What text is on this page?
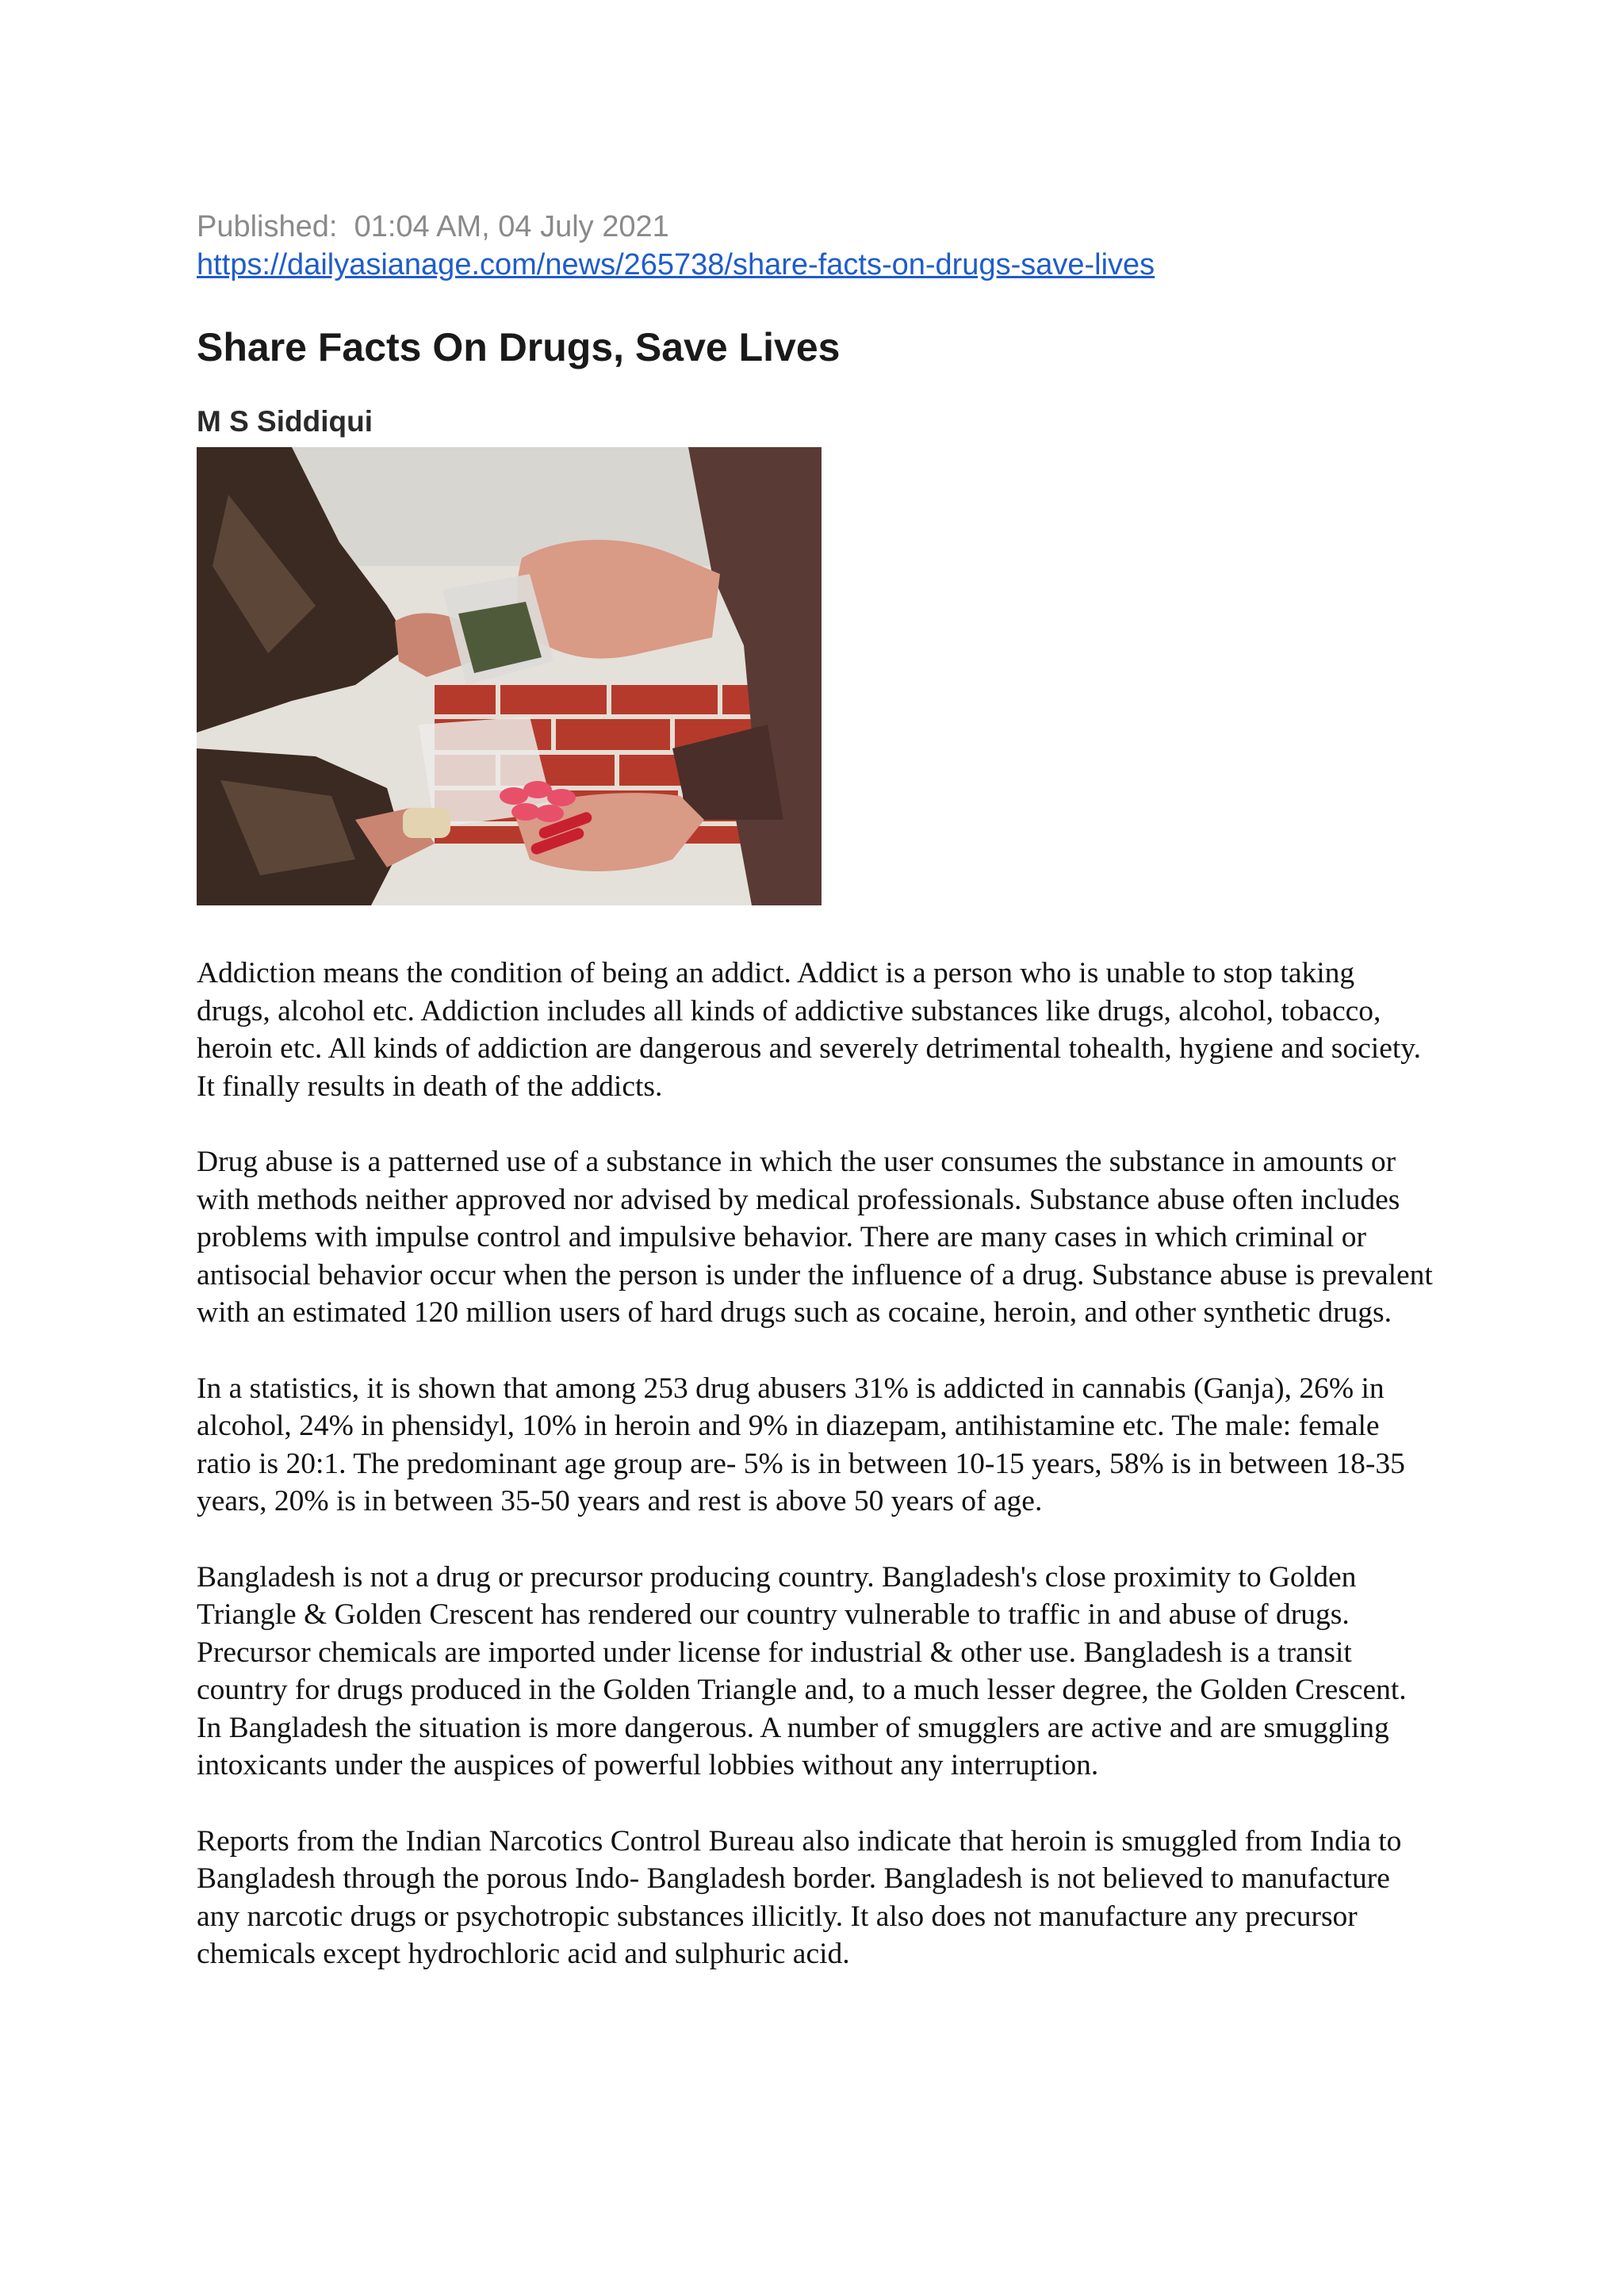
Published:  01:04 AM, 04 July 2021
https://dailyasianage.com/news/265738/share-facts-on-drugs-save-lives
Share Facts On Drugs, Save Lives
M S Siddiqui

Addiction means the condition of being an addict. Addict is a person who is unable to stop taking drugs, alcohol etc. Addiction includes all kinds of addictive substances like drugs, alcohol, tobacco, heroin etc. All kinds of addiction are dangerous and severely detrimental tohealth, hygiene and society. It finally results in death of the addicts.

Drug abuse is a patterned use of a substance in which the user consumes the substance in amounts or with methods neither approved nor advised by medical professionals. Substance abuse often includes problems with impulse control and impulsive behavior. There are many cases in which criminal or antisocial behavior occur when the person is under the influence of a drug. Substance abuse is prevalent with an estimated 120 million users of hard drugs such as cocaine, heroin, and other synthetic drugs.

In a statistics, it is shown that among 253 drug abusers 31% is addicted in cannabis (Ganja), 26% in alcohol, 24% in phensidyl, 10% in heroin and 9% in diazepam, antihistamine etc. The male: female ratio is 20:1. The predominant age group are- 5% is in between 10-15 years, 58% is in between 18-35 years, 20% is in between 35-50 years and rest is above 50 years of age.

Bangladesh is not a drug or precursor producing country. Bangladesh's close proximity to Golden Triangle & Golden Crescent has rendered our country vulnerable to traffic in and abuse of drugs. Precursor chemicals are imported under license for industrial & other use. Bangladesh is a transit country for drugs produced in the Golden Triangle and, to a much lesser degree, the Golden Crescent. In Bangladesh the situation is more dangerous. A number of smugglers are active and are smuggling intoxicants under the auspices of powerful lobbies without any interruption.

Reports from the Indian Narcotics Control Bureau also indicate that heroin is smuggled from India to Bangladesh through the porous Indo- Bangladesh border. Bangladesh is not believed to manufacture any narcotic drugs or psychotropic substances illicitly. It also does not manufacture any precursor chemicals except hydrochloric acid and sulphuric acid.
